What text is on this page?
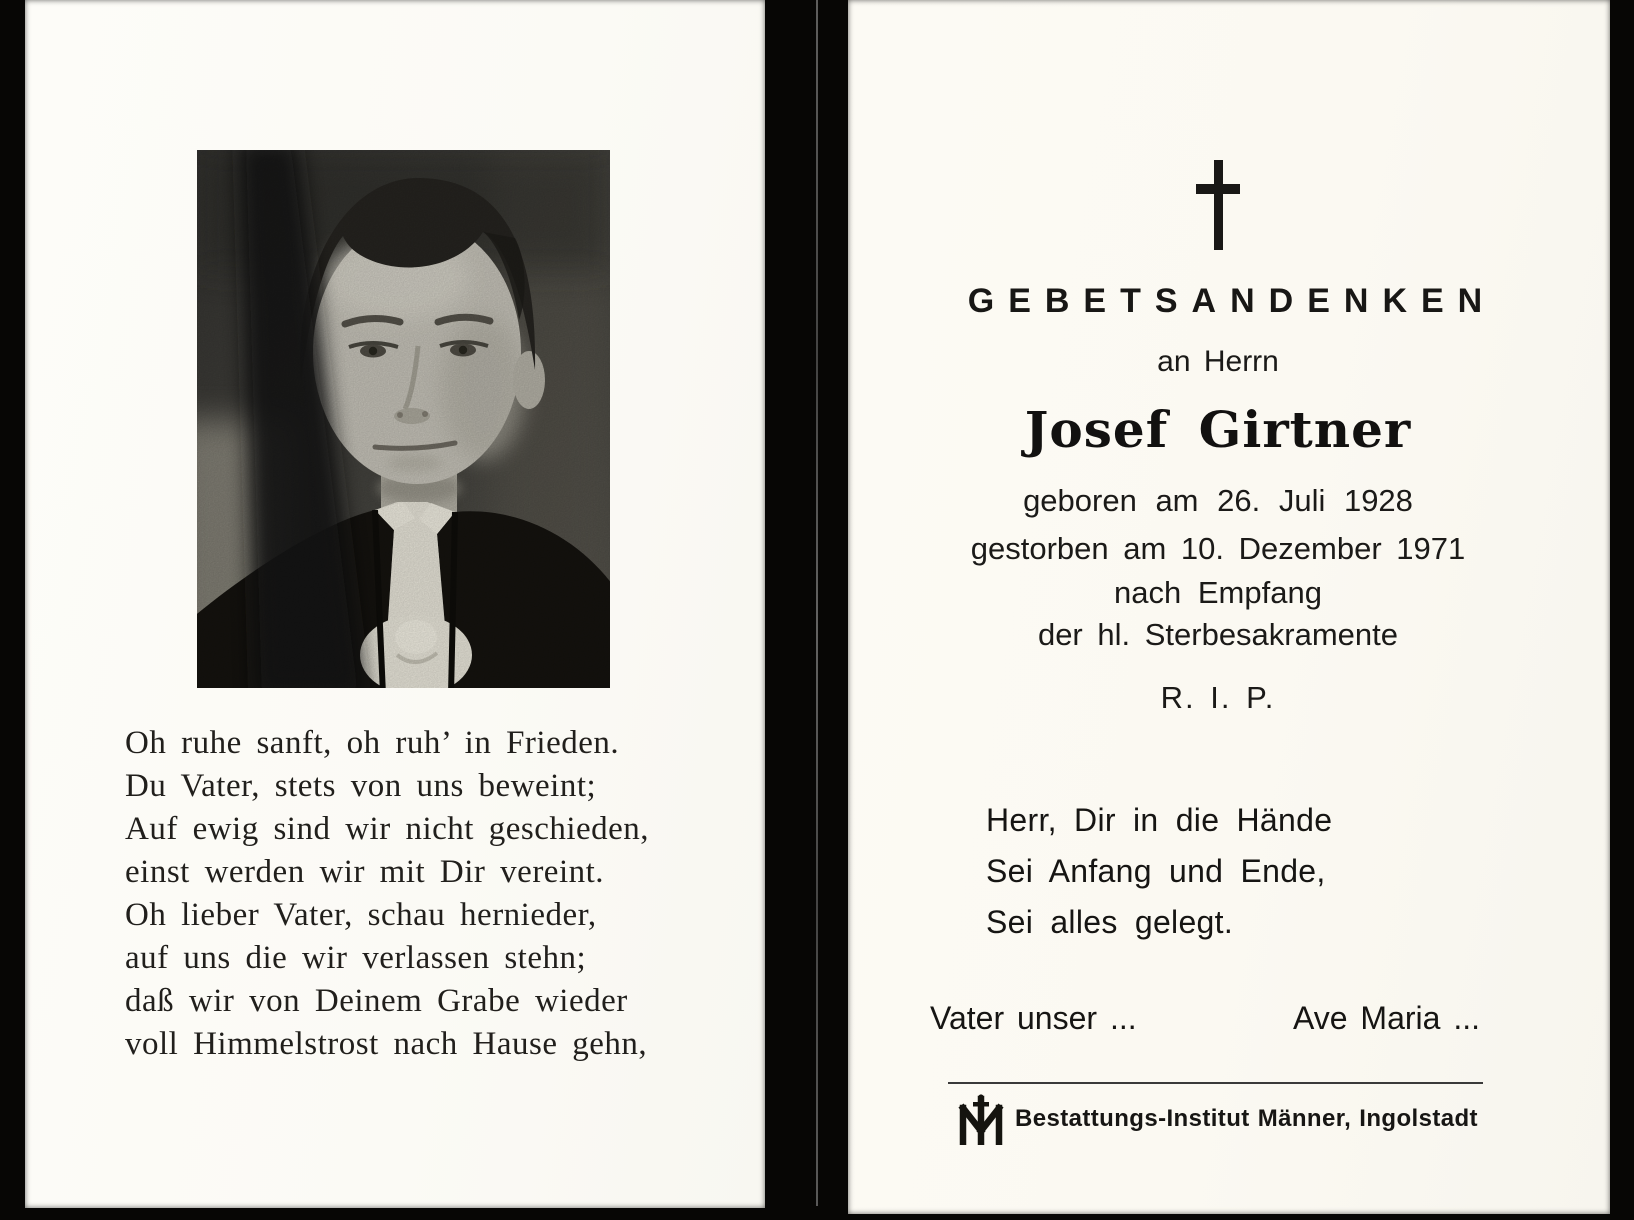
Oh ruhe sanft, oh ruh’ in Frieden.
Du Vater, stets von uns beweint;
Auf ewig sind wir nicht geschieden,
einst werden wir mit Dir vereint.
Oh lieber Vater, schau hernieder,
auf uns die wir verlassen stehn;
daß wir von Deinem Grabe wieder
voll Himmelstrost nach Hause gehn,
GEBETSANDENKEN
an Herrn
Josef Girtner
geboren am 26. Juli 1928
gestorben am 10. Dezember 1971
nach Empfang
der hl. Sterbesakramente
R. I. P.
Herr, Dir in die Hände
Sei Anfang und Ende,
Sei alles gelegt.
Vater unser ...	Ave Maria ...
Bestattungs-Institut Männer, Ingolstadt
